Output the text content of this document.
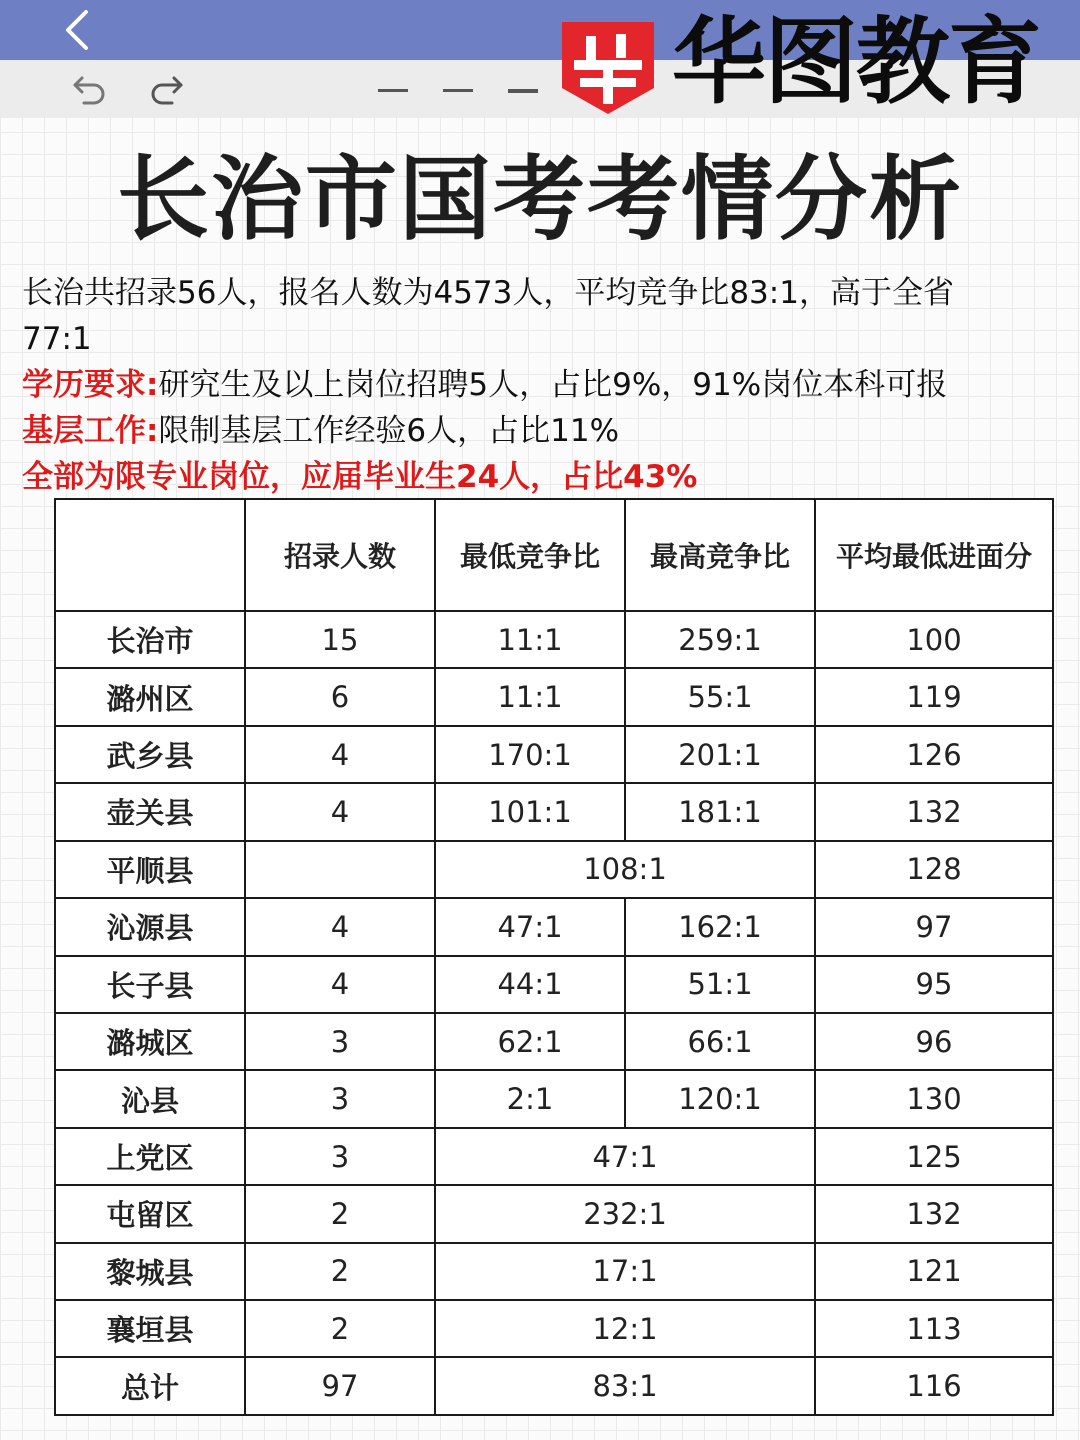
华图教育
长治市国考考情分析
长治共招录56人，报名人数为4573人，平均竞争比83:1，高于全省
77:1
学历要求:研究生及以上岗位招聘5人，占比9%，91%岗位本科可报
基层工作:限制基层工作经验6人，占比11%
全部为限专业岗位，应届毕业生24人，占比43%
	招录人数	最低竞争比	最高竞争比	平均最低进面分
长治市	15	11:1	259:1	100
潞州区	6	11:1	55:1	119
武乡县	4	170:1	201:1	126
壶关县	4	101:1	181:1	132
平顺县		108:1		128
沁源县	4	47:1	162:1	97
长子县	4	44:1	51:1	95
潞城区	3	62:1	66:1	96
沁县	3	2:1	120:1	130
上党区	3	47:1		125
屯留区	2	232:1		132
黎城县	2	17:1		121
襄垣县	2	12:1		113
总计	97	83:1		116
